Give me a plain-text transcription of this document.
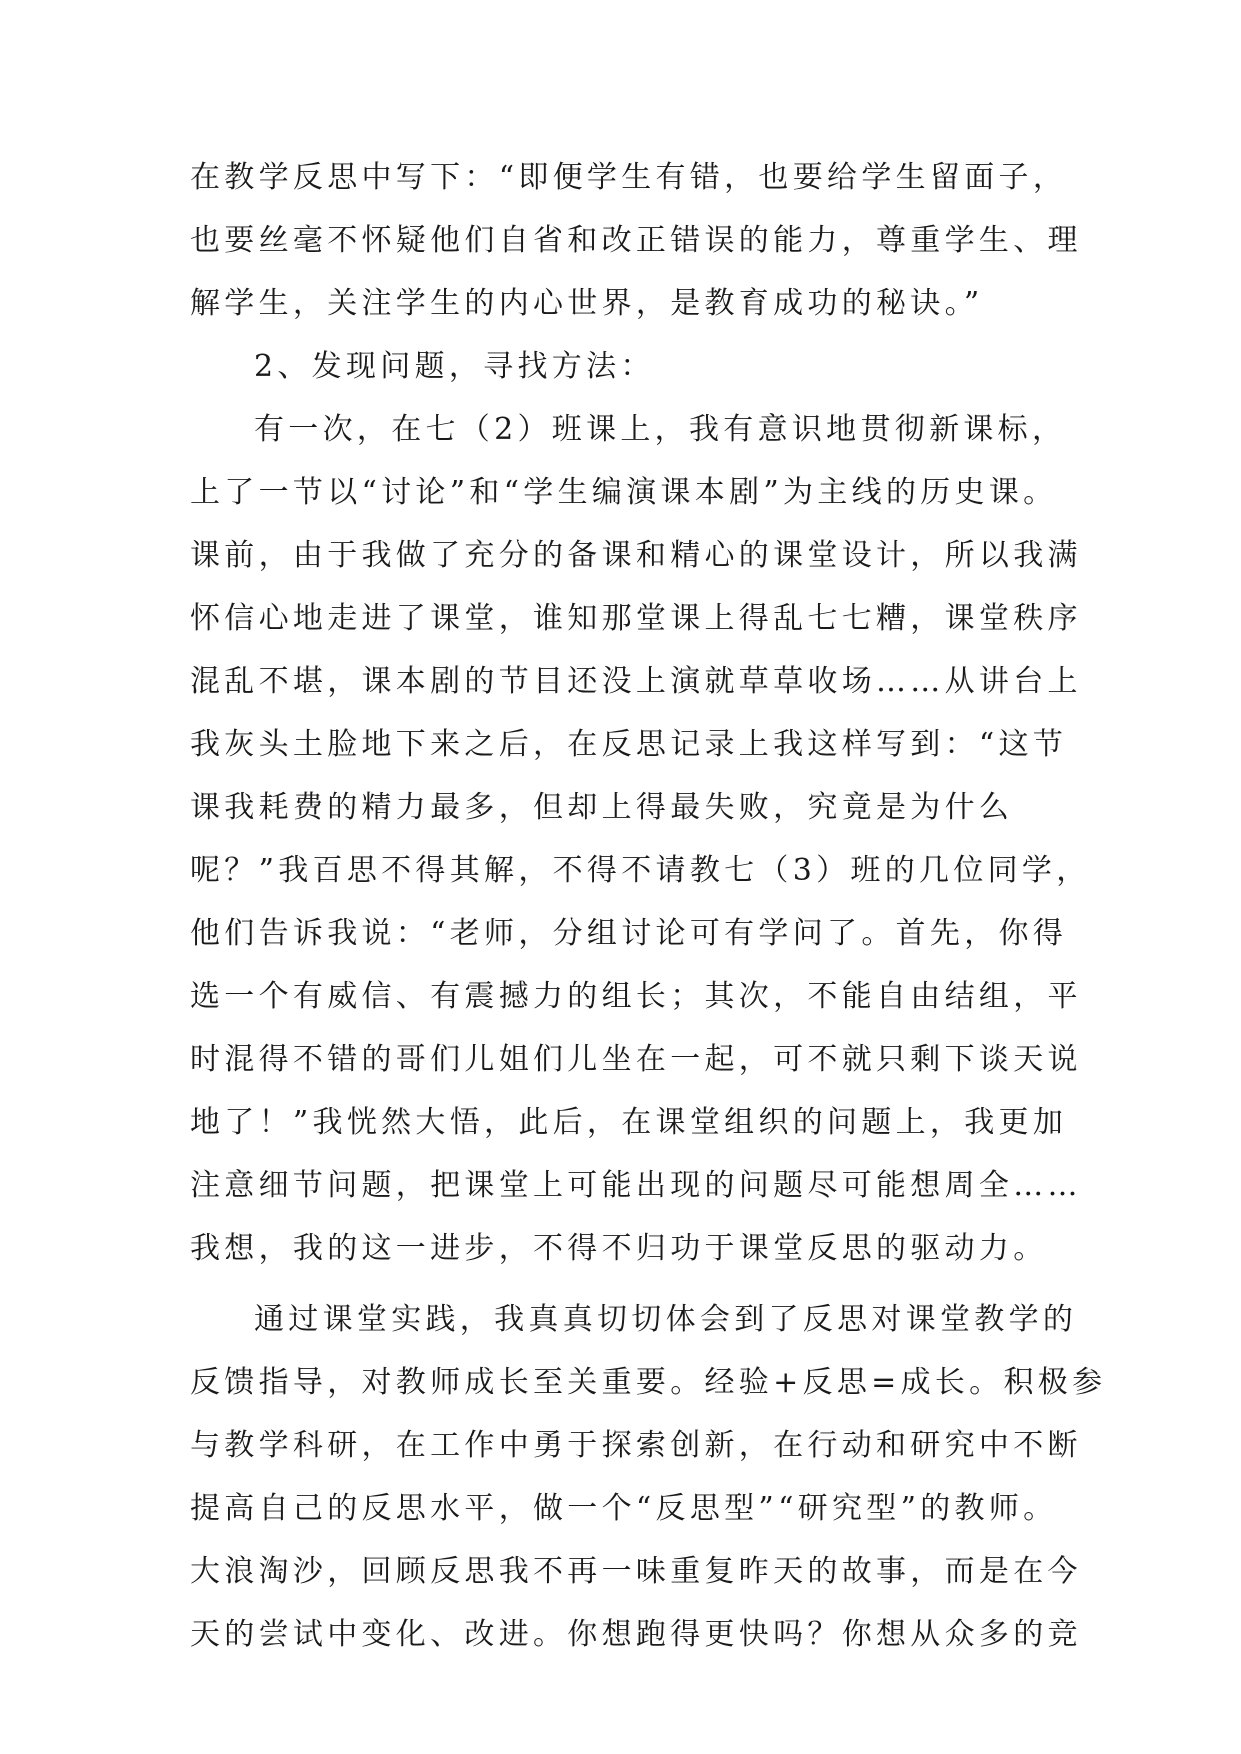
在教学反思中写下：“即便学生有错，也要给学生留面子，
也要丝毫不怀疑他们自省和改正错误的能力，尊重学生、理
解学生，关注学生的内心世界，是教育成功的秘诀。”
2、发现问题，寻找方法：
有一次，在七（2）班课上，我有意识地贯彻新课标，
上了一节以“讨论”和“学生编演课本剧”为主线的历史课。
课前，由于我做了充分的备课和精心的课堂设计，所以我满
怀信心地走进了课堂，谁知那堂课上得乱七七糟，课堂秩序
混乱不堪，课本剧的节目还没上演就草草收场……从讲台上
我灰头土脸地下来之后，在反思记录上我这样写到：“这节
课我耗费的精力最多，但却上得最失败，究竟是为什么
呢？”我百思不得其解，不得不请教七（3）班的几位同学，
他们告诉我说：“老师，分组讨论可有学问了。首先，你得
选一个有威信、有震撼力的组长；其次，不能自由结组，平
时混得不错的哥们儿姐们儿坐在一起，可不就只剩下谈天说
地了！”我恍然大悟，此后，在课堂组织的问题上，我更加
注意细节问题，把课堂上可能出现的问题尽可能想周全……
我想，我的这一进步，不得不归功于课堂反思的驱动力。
通过课堂实践，我真真切切体会到了反思对课堂教学的
反馈指导，对教师成长至关重要。经验+反思=成长。积极参
与教学科研，在工作中勇于探索创新，在行动和研究中不断
提高自己的反思水平，做一个“反思型”“研究型”的教师。
大浪淘沙，回顾反思我不再一味重复昨天的故事，而是在今
天的尝试中变化、改进。你想跑得更快吗？你想从众多的竞
